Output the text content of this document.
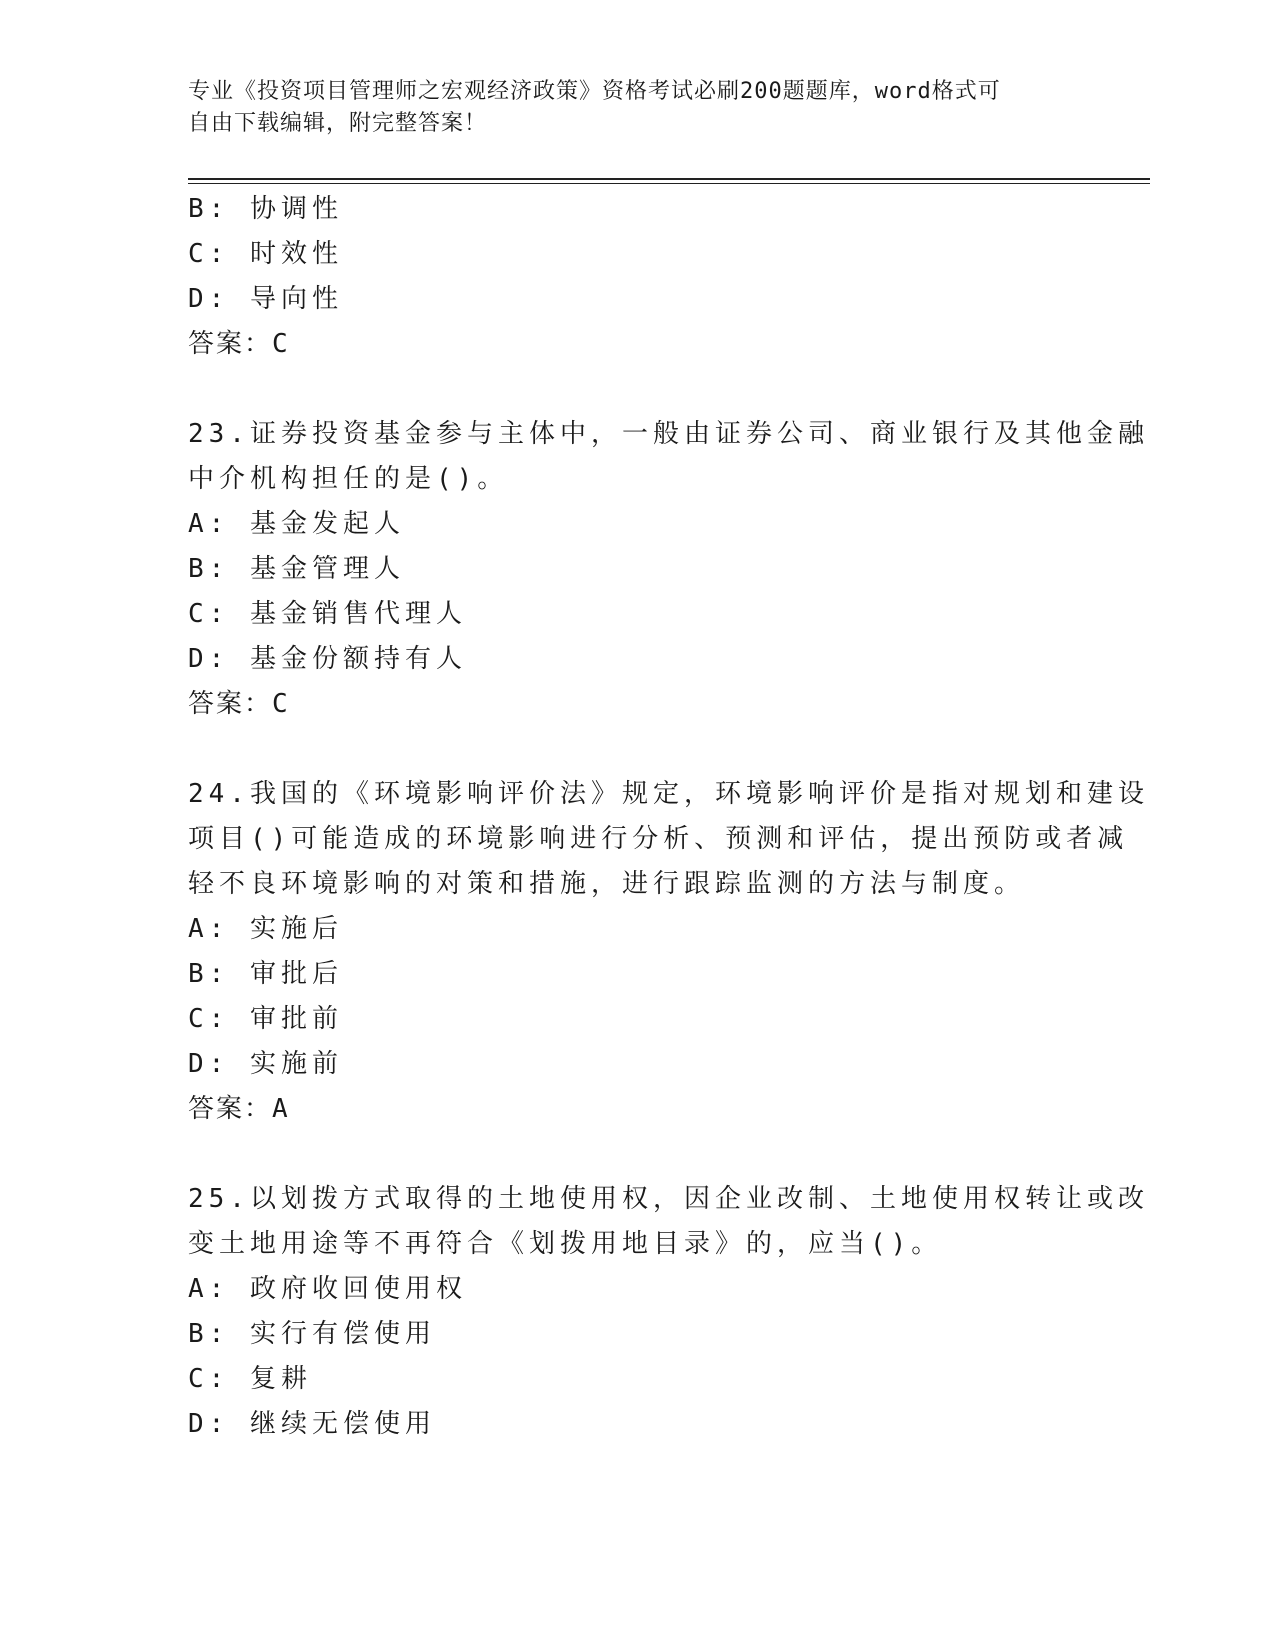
专业《投资项目管理师之宏观经济政策》资格考试必刷200题题库，word格式可
自由下载编辑，附完整答案！
B: 协调性
C: 时效性
D: 导向性
答案：C
23.证券投资基金参与主体中，一般由证券公司、商业银行及其他金融
中介机构担任的是()。
A: 基金发起人
B: 基金管理人
C: 基金销售代理人
D: 基金份额持有人
答案：C
24.我国的《环境影响评价法》规定，环境影响评价是指对规划和建设
项目()可能造成的环境影响进行分析、预测和评估，提出预防或者减
轻不良环境影响的对策和措施，进行跟踪监测的方法与制度。
A: 实施后
B: 审批后
C: 审批前
D: 实施前
答案：A
25.以划拨方式取得的土地使用权，因企业改制、土地使用权转让或改
变土地用途等不再符合《划拨用地目录》的，应当()。
A: 政府收回使用权
B: 实行有偿使用
C: 复耕
D: 继续无偿使用
